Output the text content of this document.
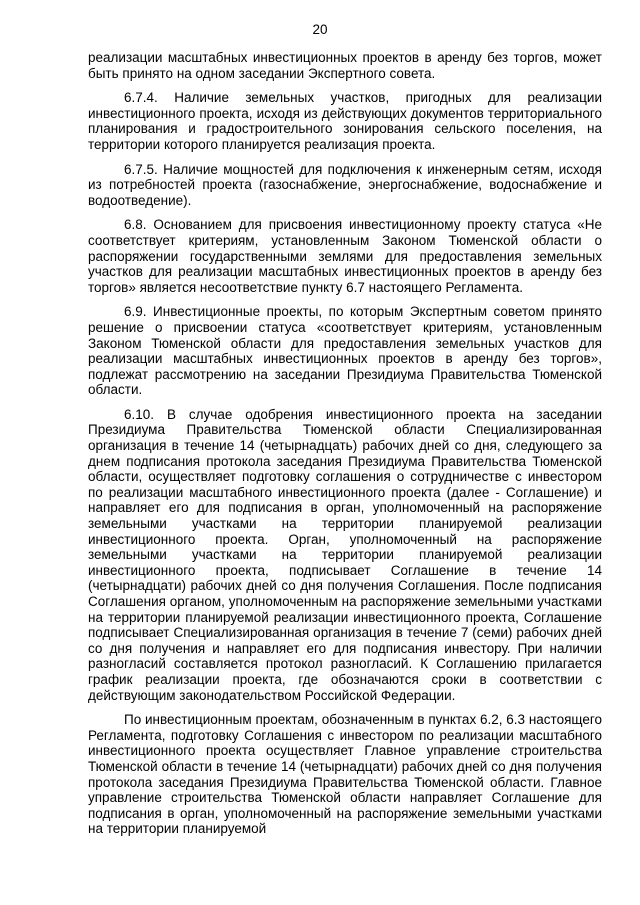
20

реализации масштабных инвестиционных проектов в аренду без торгов, может быть принято на одном заседании Экспертного совета.

6.7.4. Наличие земельных участков, пригодных для реализации инвестиционного проекта, исходя из действующих документов территориального планирования и градостроительного зонирования сельского поселения, на территории которого планируется реализация проекта.

6.7.5. Наличие мощностей для подключения к инженерным сетям, исходя из потребностей проекта (газоснабжение, энергоснабжение, водоснабжение и водоотведение).

6.8. Основанием для присвоения инвестиционному проекту статуса «Не соответствует критериям, установленным Законом Тюменской области о распоряжении государственными землями для предоставления земельных участков для реализации масштабных инвестиционных проектов в аренду без торгов» является несоответствие пункту 6.7 настоящего Регламента.

6.9. Инвестиционные проекты, по которым Экспертным советом принято решение о присвоении статуса «соответствует критериям, установленным Законом Тюменской области для предоставления земельных участков для реализации масштабных инвестиционных проектов в аренду без торгов», подлежат рассмотрению на заседании Президиума Правительства Тюменской области.

6.10. В случае одобрения инвестиционного проекта на заседании Президиума Правительства Тюменской области Специализированная организация в течение 14 (четырнадцать) рабочих дней со дня, следующего за днем подписания протокола заседания Президиума Правительства Тюменской области, осуществляет подготовку соглашения о сотрудничестве с инвестором по реализации масштабного инвестиционного проекта (далее - Соглашение) и направляет его для подписания в орган, уполномоченный на распоряжение земельными участками на территории планируемой реализации инвестиционного проекта. Орган, уполномоченный на распоряжение земельными участками на территории планируемой реализации инвестиционного проекта, подписывает Соглашение в течение 14 (четырнадцати) рабочих дней со дня получения Соглашения. После подписания Соглашения органом, уполномоченным на распоряжение земельными участками на территории планируемой реализации инвестиционного проекта, Соглашение подписывает Специализированная организация в течение 7 (семи) рабочих дней со дня получения и направляет его для подписания инвестору. При наличии разногласий составляется протокол разногласий. К Соглашению прилагается график реализации проекта, где обозначаются сроки в соответствии с действующим законодательством Российской Федерации.

По инвестиционным проектам, обозначенным в пунктах 6.2, 6.3 настоящего Регламента, подготовку Соглашения с инвестором по реализации масштабного инвестиционного проекта осуществляет Главное управление строительства Тюменской области в течение 14 (четырнадцати) рабочих дней со дня получения протокола заседания Президиума Правительства Тюменской области. Главное управление строительства Тюменской области направляет Соглашение для подписания в орган, уполномоченный на распоряжение земельными участками на территории планируемой
